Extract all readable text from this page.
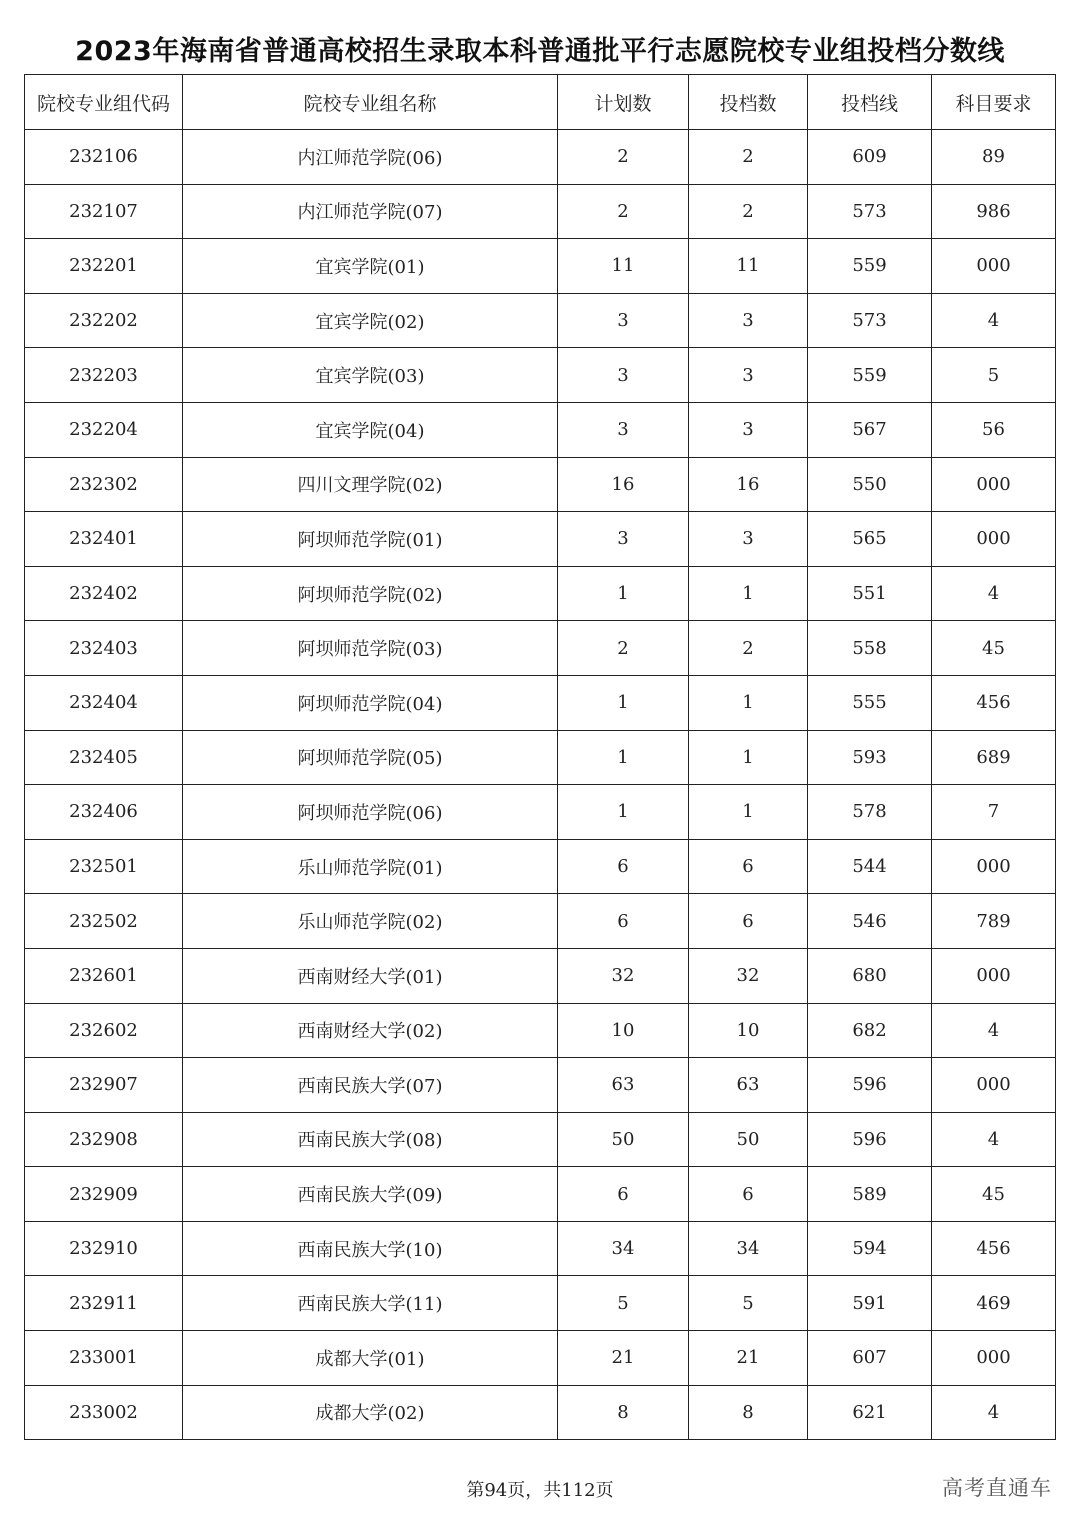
2023年海南省普通高校招生录取本科普通批平行志愿院校专业组投档分数线
院校专业组代码	院校专业组名称	计划数	投档数	投档线	科目要求
232106	内江师范学院(06)	2	2	609	89
232107	内江师范学院(07)	2	2	573	986
232201	宜宾学院(01)	11	11	559	000
232202	宜宾学院(02)	3	3	573	4
232203	宜宾学院(03)	3	3	559	5
232204	宜宾学院(04)	3	3	567	56
232302	四川文理学院(02)	16	16	550	000
232401	阿坝师范学院(01)	3	3	565	000
232402	阿坝师范学院(02)	1	1	551	4
232403	阿坝师范学院(03)	2	2	558	45
232404	阿坝师范学院(04)	1	1	555	456
232405	阿坝师范学院(05)	1	1	593	689
232406	阿坝师范学院(06)	1	1	578	7
232501	乐山师范学院(01)	6	6	544	000
232502	乐山师范学院(02)	6	6	546	789
232601	西南财经大学(01)	32	32	680	000
232602	西南财经大学(02)	10	10	682	4
232907	西南民族大学(07)	63	63	596	000
232908	西南民族大学(08)	50	50	596	4
232909	西南民族大学(09)	6	6	589	45
232910	西南民族大学(10)	34	34	594	456
232911	西南民族大学(11)	5	5	591	469
233001	成都大学(01)	21	21	607	000
233002	成都大学(02)	8	8	621	4
第94页，共112页	高考直通车
